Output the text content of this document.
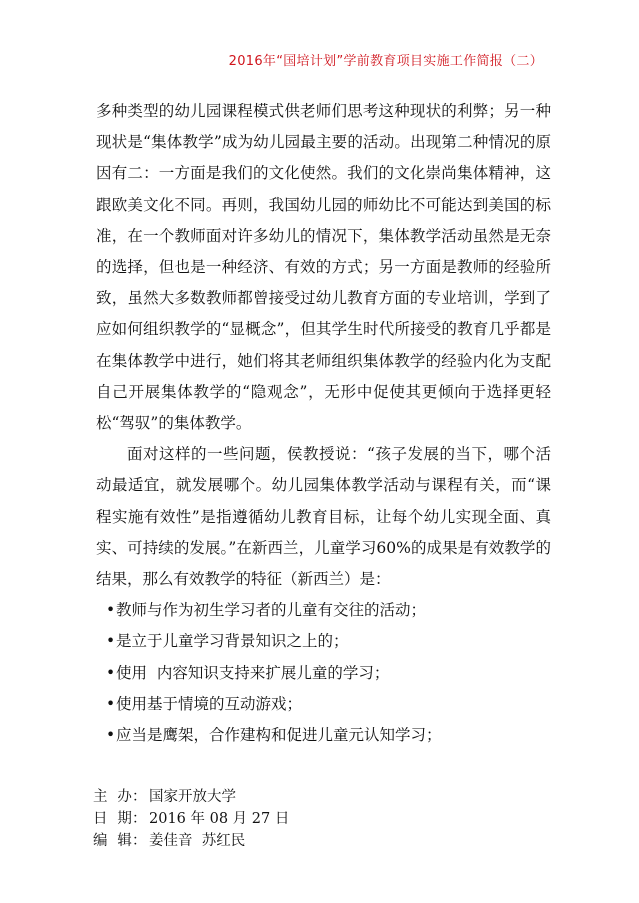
2016年“国培计划”学前教育项目实施工作简报（二）

多种类型的幼儿园课程模式供老师们思考这种现状的利弊；另一种现状是“集体教学”成为幼儿园最主要的活动。出现第二种情况的原因有二：一方面是我们的文化使然。我们的文化崇尚集体精神，这跟欧美文化不同。再则，我国幼儿园的师幼比不可能达到美国的标准，在一个教师面对许多幼儿的情况下，集体教学活动虽然是无奈的选择，但也是一种经济、有效的方式；另一方面是教师的经验所致，虽然大多数教师都曾接受过幼儿教育方面的专业培训，学到了应如何组织教学的“显概念”，但其学生时代所接受的教育几乎都是在集体教学中进行，她们将其老师组织集体教学的经验内化为支配自己开展集体教学的“隐观念”，无形中促使其更倾向于选择更轻松“驾驭”的集体教学。

面对这样的一些问题，侯教授说：“孩子发展的当下，哪个活动最适宜，就发展哪个。幼儿园集体教学活动与课程有关，而“课程实施有效性”是指遵循幼儿教育目标，让每个幼儿实现全面、真实、可持续的发展。”在新西兰，儿童学习60%的成果是有效教学的结果，那么有效教学的特征（新西兰）是：

• 教师与作为初生学习者的儿童有交往的活动；
• 是立于儿童学习背景知识之上的；
• 使用  内容知识支持来扩展儿童的学习；
• 使用基于情境的互动游戏；
• 应当是鹰架，合作建构和促进儿童元认知学习；
主  办： 国家开放大学
日  期： 2016 年 08 月 27 日
编  辑： 姜佳音  苏红民
